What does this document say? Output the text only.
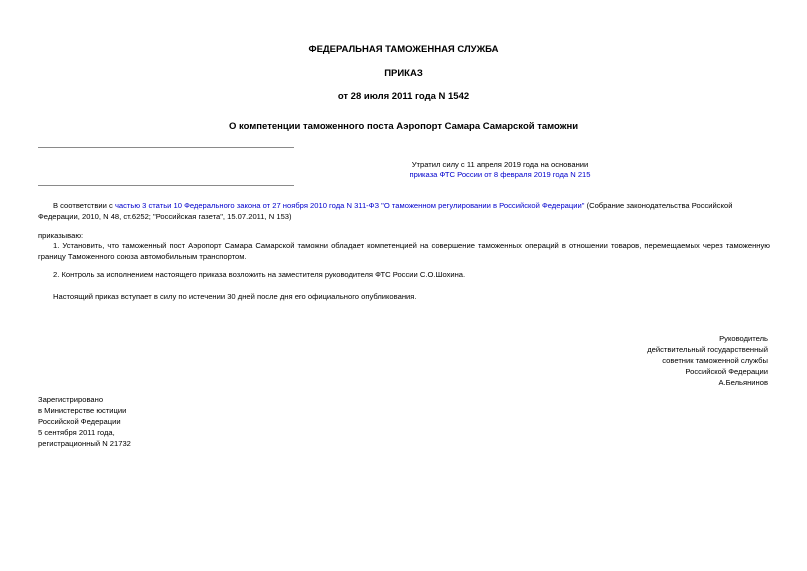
ФЕДЕРАЛЬНАЯ ТАМОЖЕННАЯ СЛУЖБА
ПРИКАЗ
от 28 июля 2011 года N 1542
О компетенции таможенного поста Аэропорт Самара Самарской таможни
Утратил силу с 11 апреля 2019 года на основании
приказа ФТС России от 8 февраля 2019 года N 215
В соответствии с частью 3 статьи 10 Федерального закона от 27 ноября 2010 года N 311-ФЗ "О таможенном регулировании в Российской Федерации" (Собрание законодательства Российской Федерации, 2010, N 48, ст.6252; "Российская газета", 15.07.2011, N 153)
приказываю:
1. Установить, что таможенный пост Аэропорт Самара Самарской таможни обладает компетенцией на совершение таможенных операций в отношении товаров, перемещаемых через таможенную границу Таможенного союза автомобильным транспортом.
2. Контроль за исполнением настоящего приказа возложить на заместителя руководителя ФТС России С.О.Шохина.
Настоящий приказ вступает в силу по истечении 30 дней после дня его официального опубликования.
Руководитель
действительный государственный
советник таможенной службы
Российской Федерации
А.Бельянинов
Зарегистрировано
в Министерстве юстиции
Российской Федерации
5 сентября 2011 года,
регистрационный N 21732
